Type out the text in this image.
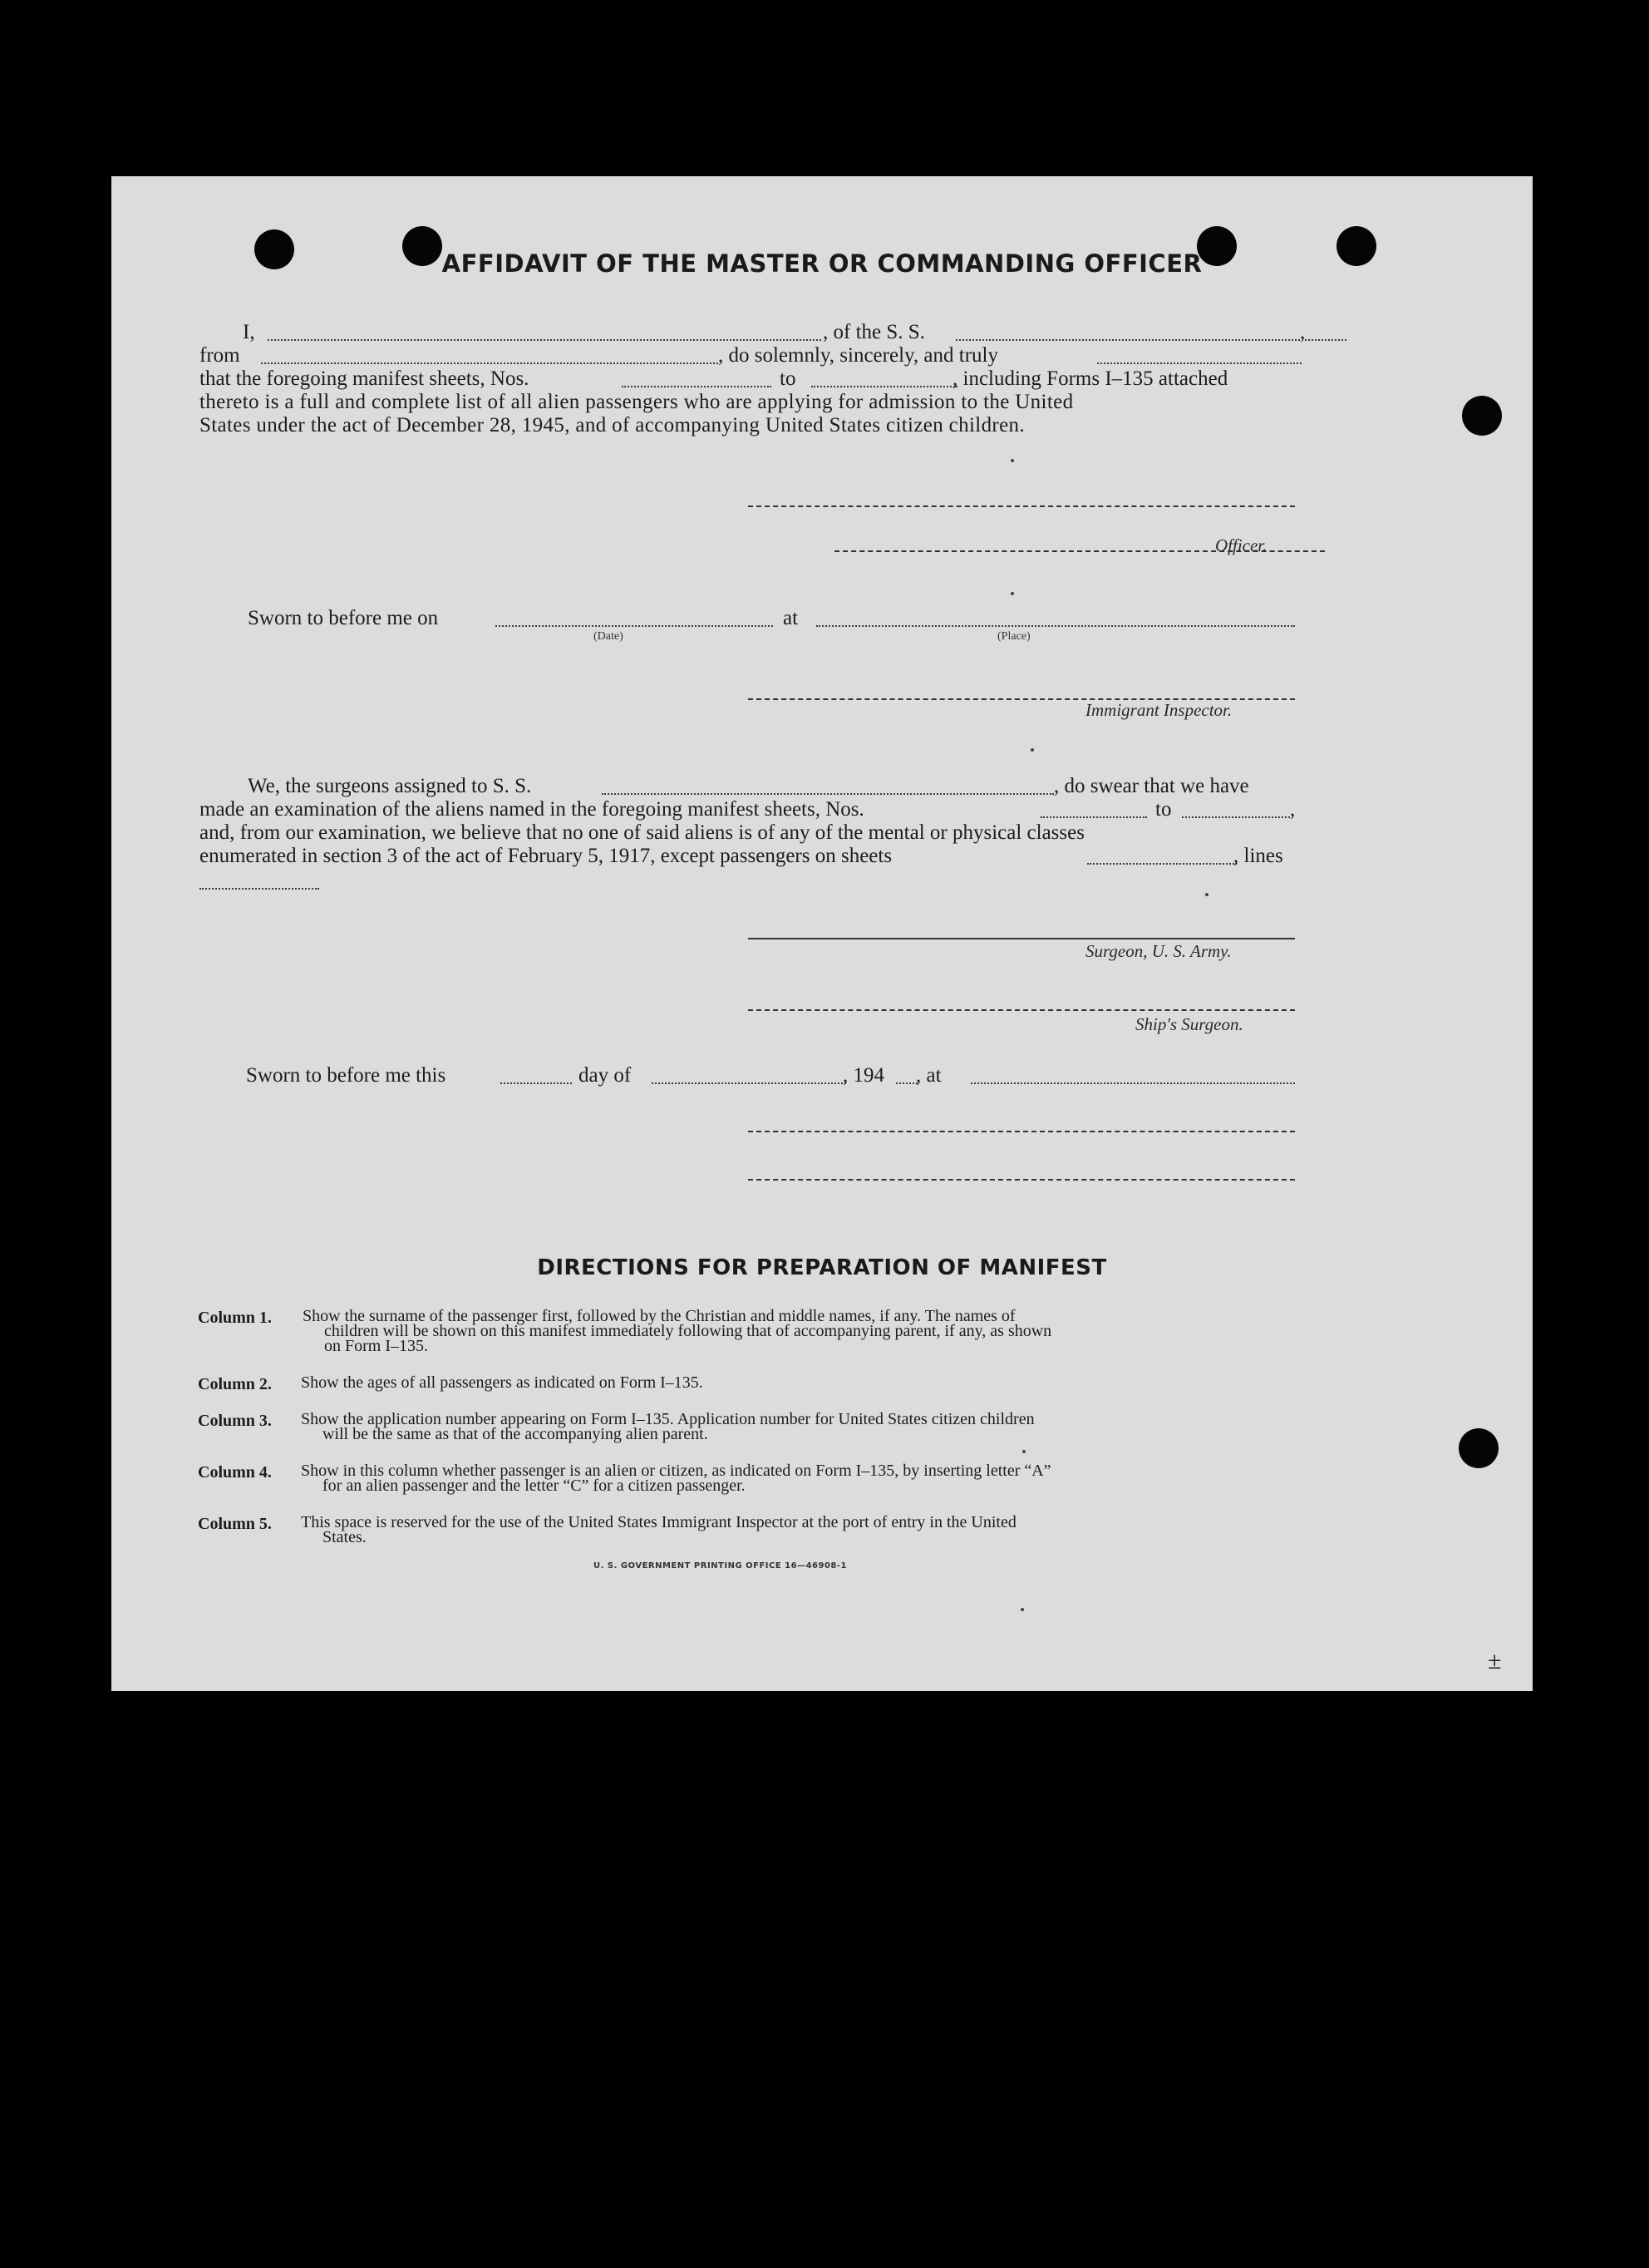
AFFIDAVIT OF THE MASTER OR COMMANDING OFFICER
I,	, of the S. S.	,
from	, do solemnly, sincerely, and truly
that the foregoing manifest sheets, Nos.	to	, including Forms I–135 attached
thereto is a full and complete list of all alien passengers who are applying for admission to the United
States under the act of December 28, 1945, and of accompanying United States citizen children.
Officer.
Sworn to before me on
(Date)
at
(Place)
Immigrant Inspector.
We, the surgeons assigned to S. S.	, do swear that we have
made an examination of the aliens named in the foregoing manifest sheets, Nos.	to	,
and, from our examination, we believe that no one of said aliens is of any of the mental or physical classes
enumerated in section 3 of the act of February 5, 1917, except passengers on sheets	, lines
Surgeon, U. S. Army.
Ship's Surgeon.
Sworn to before me this	day of	, 194 , at
DIRECTIONS FOR PREPARATION OF MANIFEST
Column 1. Show the surname of the passenger first, followed by the Christian and middle names, if any. The names of
children will be shown on this manifest immediately following that of accompanying parent, if any, as shown
on Form I–135.
Column 2. Show the ages of all passengers as indicated on Form I–135.
Column 3. Show the application number appearing on Form I–135. Application number for United States citizen children
will be the same as that of the accompanying alien parent.
Column 4. Show in this column whether passenger is an alien or citizen, as indicated on Form I–135, by inserting letter “A”
for an alien passenger and the letter “C” for a citizen passenger.
Column 5. This space is reserved for the use of the United States Immigrant Inspector at the port of entry in the United
States.
U. S. GOVERNMENT PRINTING OFFICE 16—46908-1
±
